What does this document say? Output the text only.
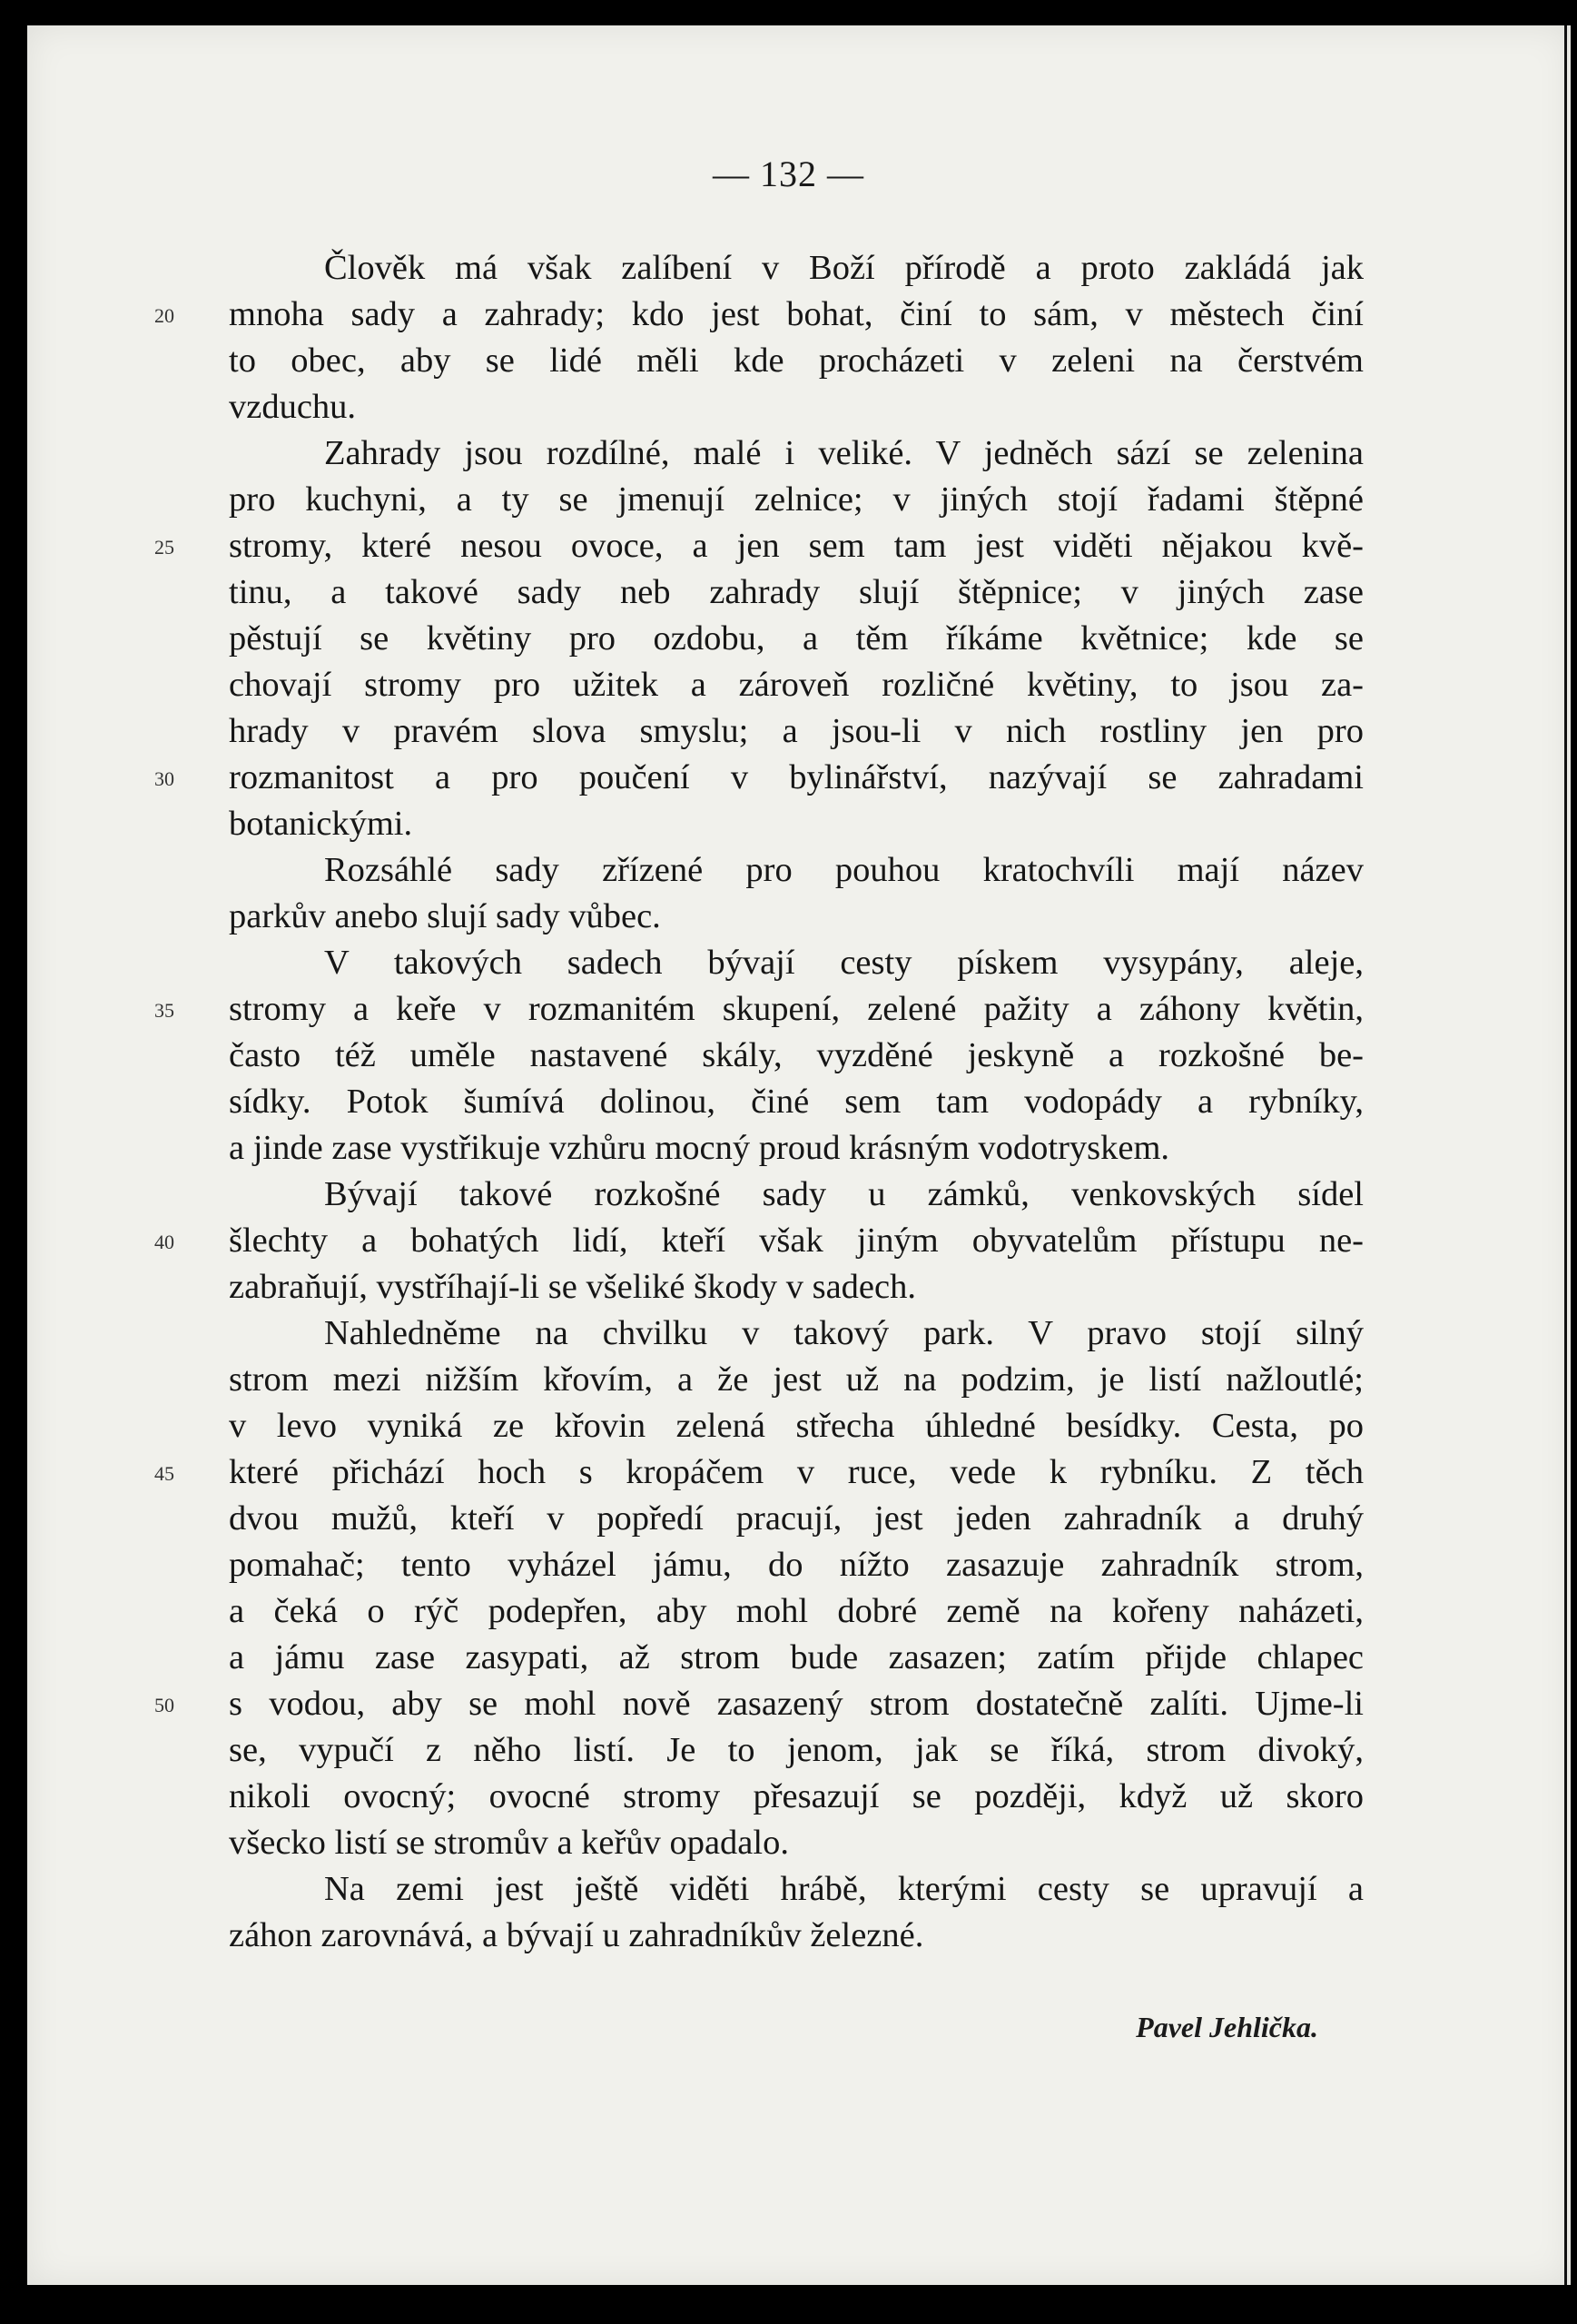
— 132 —
20
25
30
35
40
45
50
Člověk má však zalíbení v Boží přírodě a proto zakládá jak
mnoha sady a zahrady; kdo jest bohat, činí to sám, v městech činí
to obec, aby se lidé měli kde procházeti v zeleni na čerstvém
vzduchu.
Zahrady jsou rozdílné, malé i veliké. V jedněch sází se zelenina
pro kuchyni, a ty se jmenují zelnice; v jiných stojí řadami štěpné
stromy, které nesou ovoce, a jen sem tam jest viděti nějakou kvě-
tinu, a takové sady neb zahrady slují štěpnice; v jiných zase
pěstují se květiny pro ozdobu, a těm říkáme květnice; kde se
chovají stromy pro užitek a zároveň rozličné květiny, to jsou za-
hrady v pravém slova smyslu; a jsou-li v nich rostliny jen pro
rozmanitost a pro poučení v bylinářství, nazývají se zahradami
botanickými.
Rozsáhlé sady zřízené pro pouhou kratochvíli mají název
parkův anebo slují sady vůbec.
V takových sadech bývají cesty pískem vysypány, aleje,
stromy a keře v rozmanitém skupení, zelené pažity a záhony květin,
často též uměle nastavené skály, vyzděné jeskyně a rozkošné be-
sídky. Potok šumívá dolinou, činé sem tam vodopády a rybníky,
a jinde zase vystřikuje vzhůru mocný proud krásným vodotryskem.
Bývají takové rozkošné sady u zámků, venkovských sídel
šlechty a bohatých lidí, kteří však jiným obyvatelům přístupu ne-
zabraňují, vystříhají-li se všeliké škody v sadech.
Nahledněme na chvilku v takový park. V pravo stojí silný
strom mezi nižším křovím, a že jest už na podzim, je listí nažloutlé;
v levo vyniká ze křovin zelená střecha úhledné besídky. Cesta, po
které přichází hoch s kropáčem v ruce, vede k rybníku. Z těch
dvou mužů, kteří v popředí pracují, jest jeden zahradník a druhý
pomahač; tento vyházel jámu, do nížto zasazuje zahradník strom,
a čeká o rýč podepřen, aby mohl dobré země na kořeny naházeti,
a jámu zase zasypati, až strom bude zasazen; zatím přijde chlapec
s vodou, aby se mohl nově zasazený strom dostatečně zalíti. Ujme-li
se, vypučí z něho listí. Je to jenom, jak se říká, strom divoký,
nikoli ovocný; ovocné stromy přesazují se později, když už skoro
všecko listí se stromův a keřův opadalo.
Na zemi jest ještě viděti hrábě, kterými cesty se upravují a
záhon zarovnává, a bývají u zahradníkův železné.
Pavel Jehlička.
